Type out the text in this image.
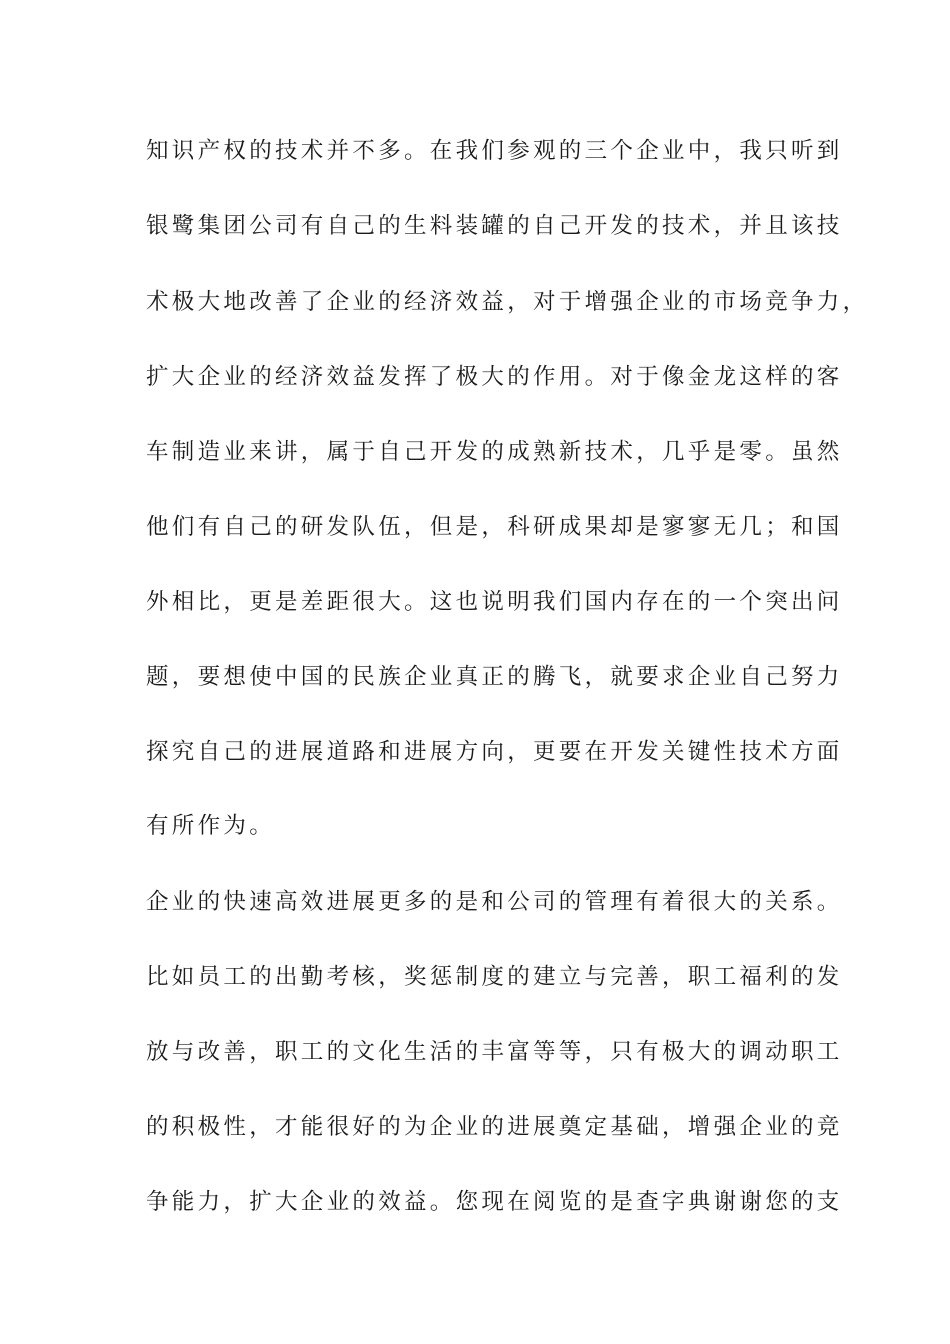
知识产权的技术并不多。在我们参观的三个企业中，我只听到
银鹭集团公司有自己的生料装罐的自己开发的技术，并且该技
术极大地改善了企业的经济效益，对于增强企业的市场竞争力，
扩大企业的经济效益发挥了极大的作用。对于像金龙这样的客
车制造业来讲，属于自己开发的成熟新技术，几乎是零。虽然
他们有自己的研发队伍，但是，科研成果却是寥寥无几；和国
外相比，更是差距很大。这也说明我们国内存在的一个突出问
题，要想使中国的民族企业真正的腾飞，就要求企业自己努力
探究自己的进展道路和进展方向，更要在开发关键性技术方面
有所作为。
企业的快速高效进展更多的是和公司的管理有着很大的关系。
比如员工的出勤考核，奖惩制度的建立与完善，职工福利的发
放与改善，职工的文化生活的丰富等等，只有极大的调动职工
的积极性，才能很好的为企业的进展奠定基础，增强企业的竞
争能力，扩大企业的效益。您现在阅览的是查字典谢谢您的支
